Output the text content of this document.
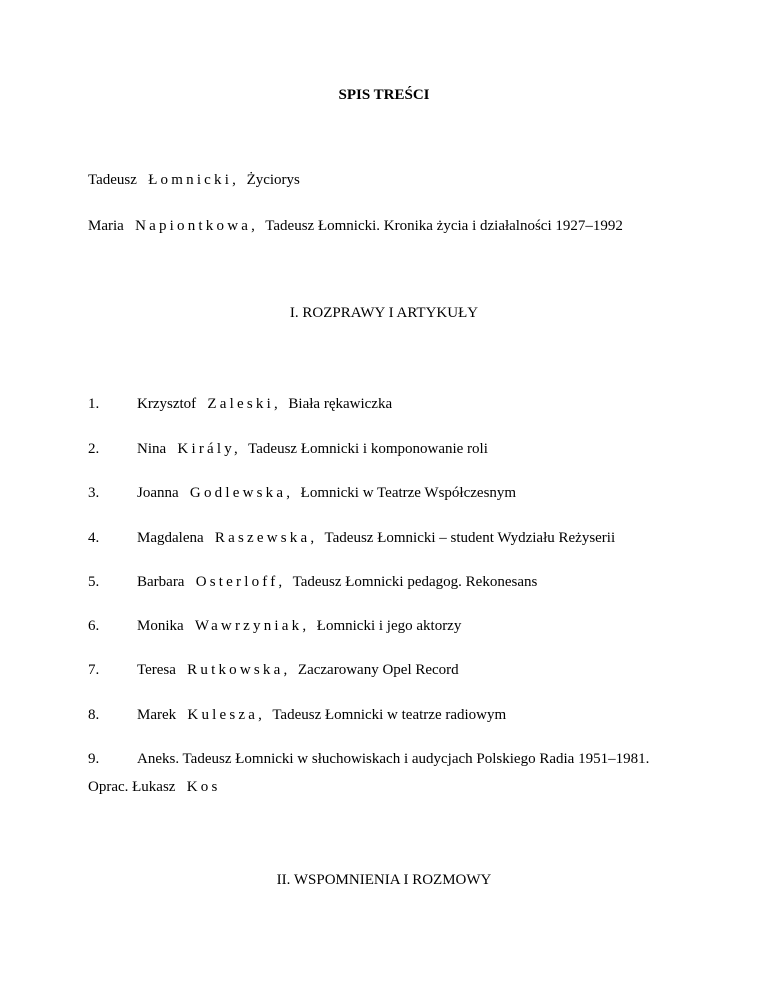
SPIS TREŚCI
Tadeusz Łomnicki, Życiorys
Maria Napiontkowa, Tadeusz Łomnicki. Kronika życia i działalności 1927–1992
I. ROZPRAWY I ARTYKUŁY
1.	Krzysztof Zaleski, Biała rękawiczka
2.	Nina Király, Tadeusz Łomnicki i komponowanie roli
3.	Joanna Godlewska, Łomnicki w Teatrze Współczesnym
4.	Magdalena Raszewska, Tadeusz Łomnicki – student Wydziału Reżyserii
5.	Barbara Osterloff, Tadeusz Łomnicki pedagog. Rekonesans
6.	Monika Wawrzyniak, Łomnicki i jego aktorzy
7.	Teresa Rutkowska, Zaczarowany Opel Record
8.	Marek Kulesza, Tadeusz Łomnicki w teatrze radiowym
9.	Aneks. Tadeusz Łomnicki w słuchowiskach i audycjach Polskiego Radia 1951–1981.
Oprac. Łukasz Kos
II. WSPOMNIENIA I ROZMOWY
